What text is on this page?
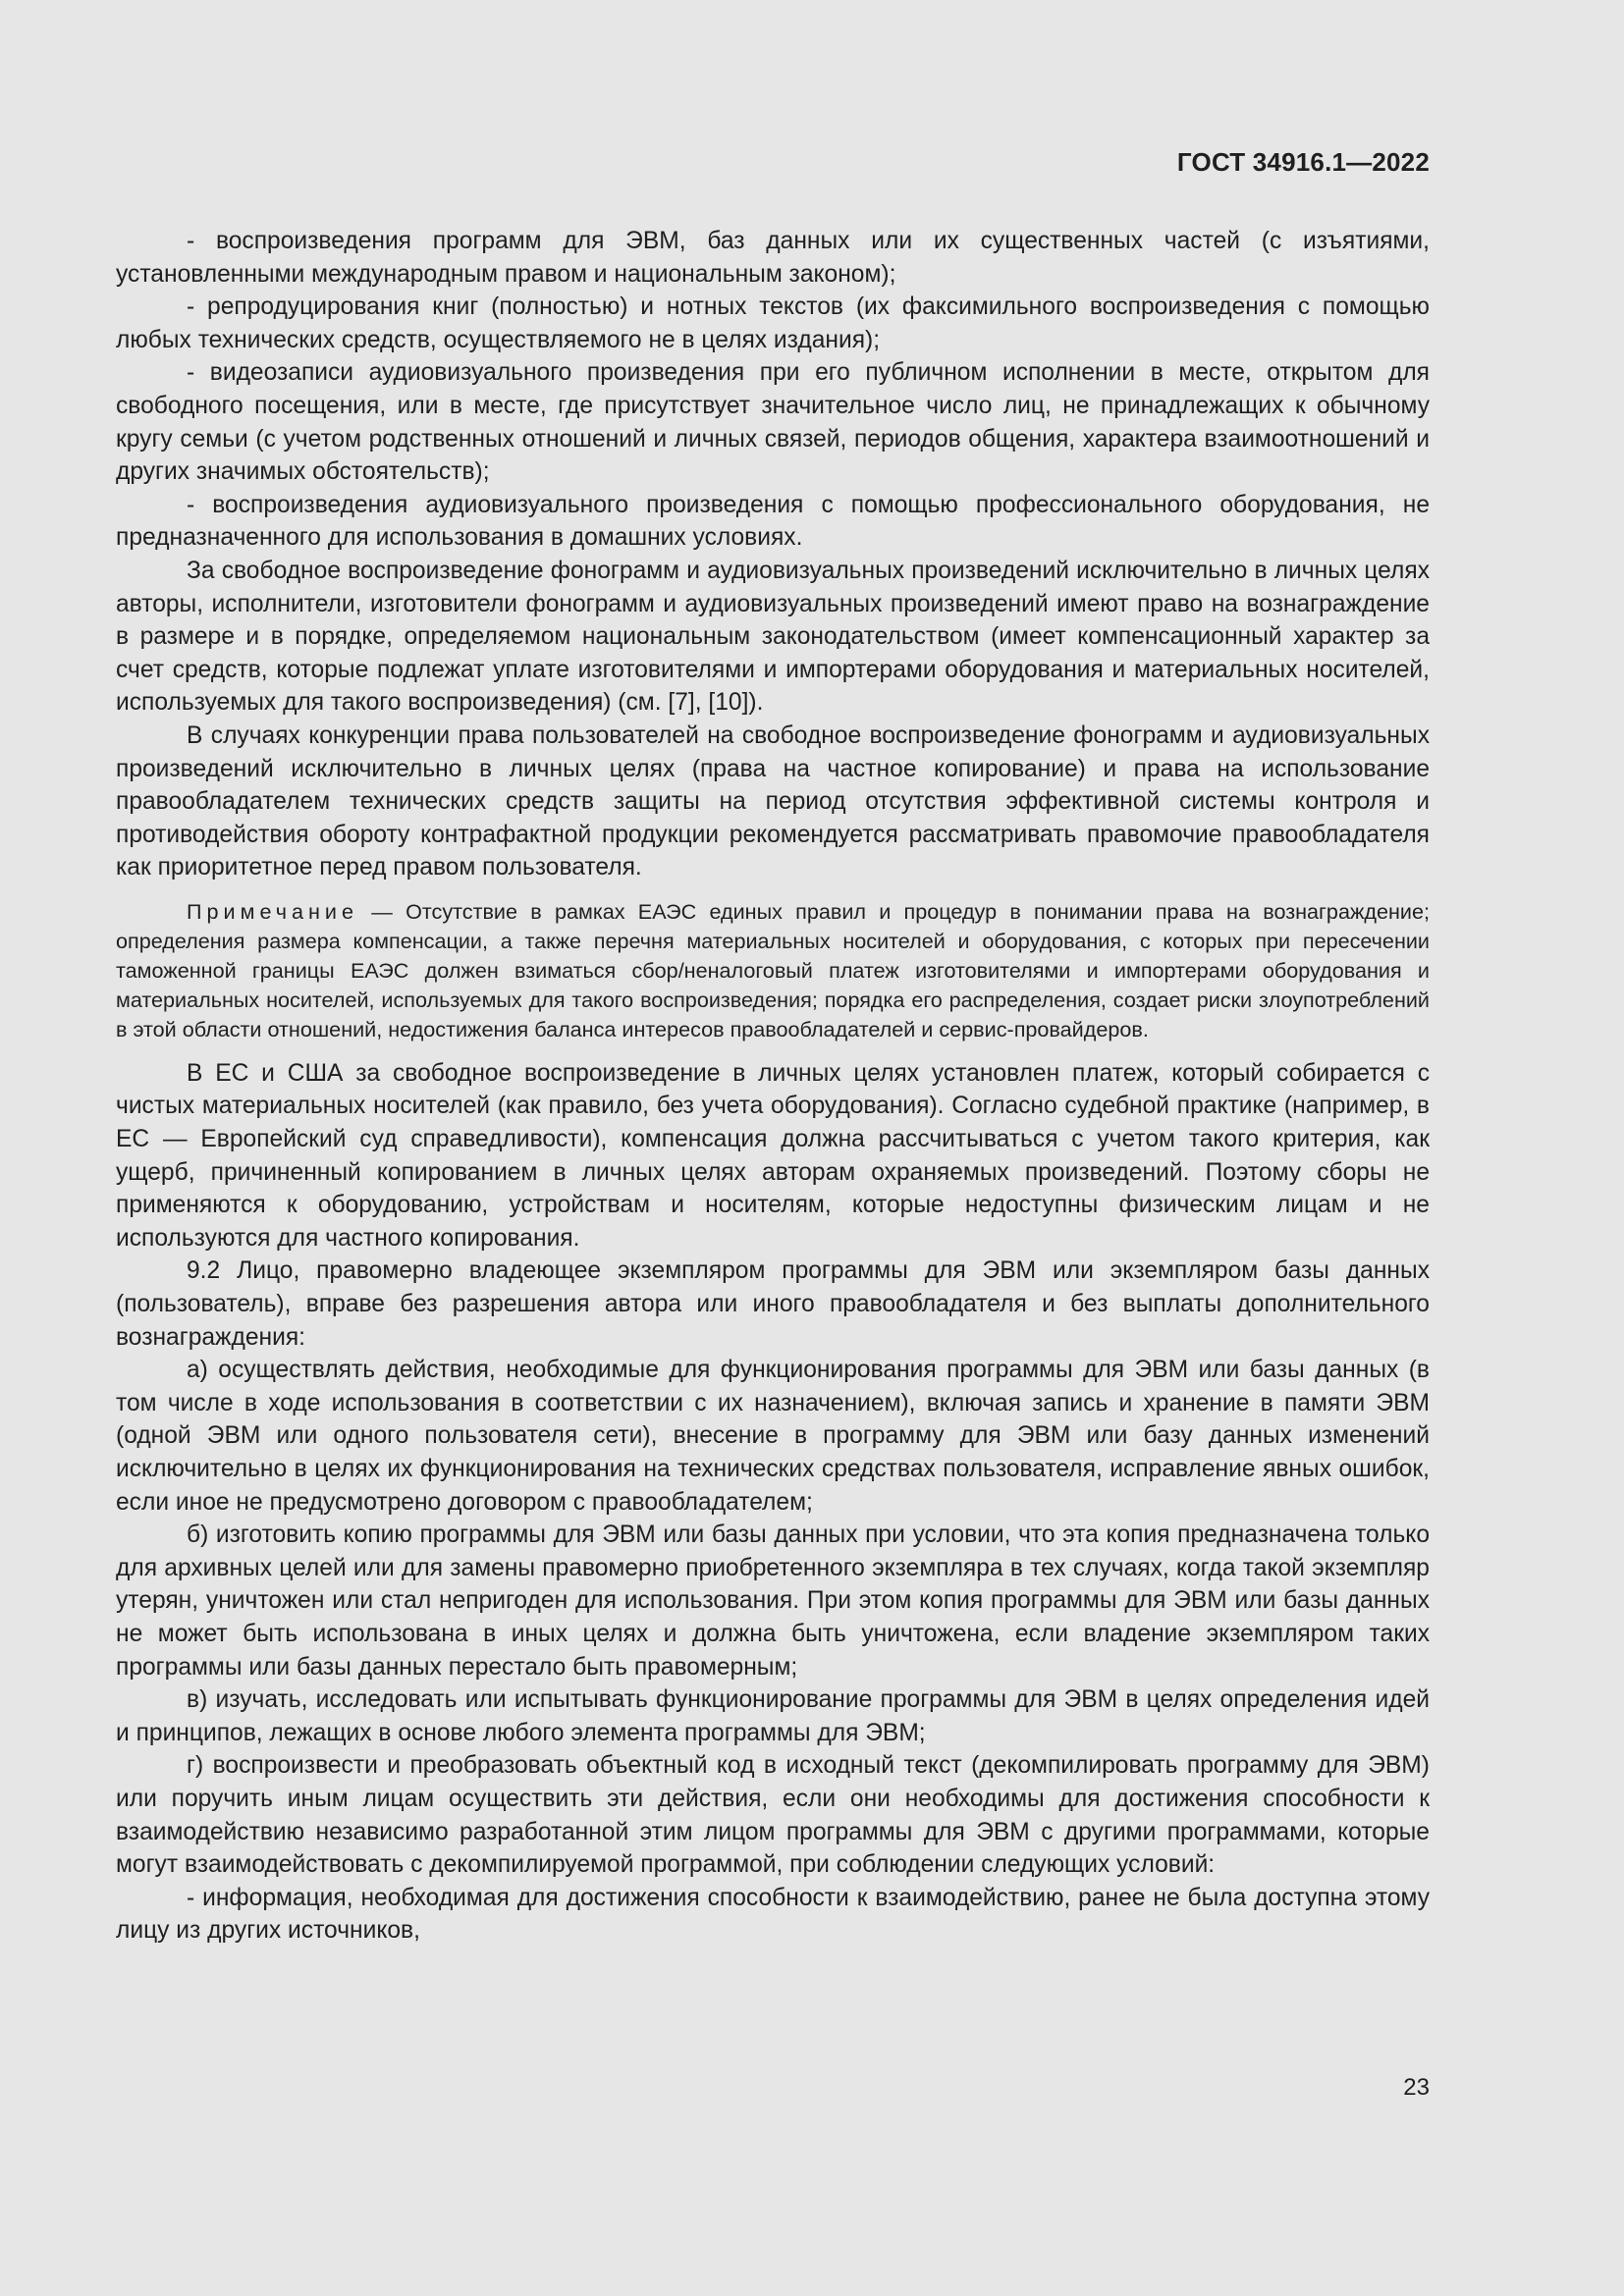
ГОСТ 34916.1—2022

- воспроизведения программ для ЭВМ, баз данных или их существенных частей (с изъятиями, установленными международным правом и национальным законом);

- репродуцирования книг (полностью) и нотных текстов (их факсимильного воспроизведения с помощью любых технических средств, осуществляемого не в целях издания);

- видеозаписи аудиовизуального произведения при его публичном исполнении в месте, открытом для свободного посещения, или в месте, где присутствует значительное число лиц, не принадлежащих к обычному кругу семьи (с учетом родственных отношений и личных связей, периодов общения, характера взаимоотношений и других значимых обстоятельств);

- воспроизведения аудиовизуального произведения с помощью профессионального оборудования, не предназначенного для использования в домашних условиях.

За свободное воспроизведение фонограмм и аудиовизуальных произведений исключительно в личных целях авторы, исполнители, изготовители фонограмм и аудиовизуальных произведений имеют право на вознаграждение в размере и в порядке, определяемом национальным законодательством (имеет компенсационный характер за счет средств, которые подлежат уплате изготовителями и импортерами оборудования и материальных носителей, используемых для такого воспроизведения) (см. [7], [10]).

В случаях конкуренции права пользователей на свободное воспроизведение фонограмм и аудиовизуальных произведений исключительно в личных целях (права на частное копирование) и права на использование правообладателем технических средств защиты на период отсутствия эффективной системы контроля и противодействия обороту контрафактной продукции рекомендуется рассматривать правомочие правообладателя как приоритетное перед правом пользователя.

Примечание — Отсутствие в рамках ЕАЭС единых правил и процедур в понимании права на вознаграждение; определения размера компенсации, а также перечня материальных носителей и оборудования, с которых при пересечении таможенной границы ЕАЭС должен взиматься сбор/неналоговый платеж изготовителями и импортерами оборудования и материальных носителей, используемых для такого воспроизведения; порядка его распределения, создает риски злоупотреблений в этой области отношений, недостижения баланса интересов правообладателей и сервис-провайдеров.

В ЕС и США за свободное воспроизведение в личных целях установлен платеж, который собирается с чистых материальных носителей (как правило, без учета оборудования). Согласно судебной практике (например, в ЕС — Европейский суд справедливости), компенсация должна рассчитываться с учетом такого критерия, как ущерб, причиненный копированием в личных целях авторам охраняемых произведений. Поэтому сборы не применяются к оборудованию, устройствам и носителям, которые недоступны физическим лицам и не используются для частного копирования.

9.2 Лицо, правомерно владеющее экземпляром программы для ЭВМ или экземпляром базы данных (пользователь), вправе без разрешения автора или иного правообладателя и без выплаты дополнительного вознаграждения:

а) осуществлять действия, необходимые для функционирования программы для ЭВМ или базы данных (в том числе в ходе использования в соответствии с их назначением), включая запись и хранение в памяти ЭВМ (одной ЭВМ или одного пользователя сети), внесение в программу для ЭВМ или базу данных изменений исключительно в целях их функционирования на технических средствах пользователя, исправление явных ошибок, если иное не предусмотрено договором с правообладателем;

б) изготовить копию программы для ЭВМ или базы данных при условии, что эта копия предназначена только для архивных целей или для замены правомерно приобретенного экземпляра в тех случаях, когда такой экземпляр утерян, уничтожен или стал непригоден для использования. При этом копия программы для ЭВМ или базы данных не может быть использована в иных целях и должна быть уничтожена, если владение экземпляром таких программы или базы данных перестало быть правомерным;

в) изучать, исследовать или испытывать функционирование программы для ЭВМ в целях определения идей и принципов, лежащих в основе любого элемента программы для ЭВМ;

г) воспроизвести и преобразовать объектный код в исходный текст (декомпилировать программу для ЭВМ) или поручить иным лицам осуществить эти действия, если они необходимы для достижения способности к взаимодействию независимо разработанной этим лицом программы для ЭВМ с другими программами, которые могут взаимодействовать с декомпилируемой программой, при соблюдении следующих условий:

- информация, необходимая для достижения способности к взаимодействию, ранее не была доступна этому лицу из других источников,

23
